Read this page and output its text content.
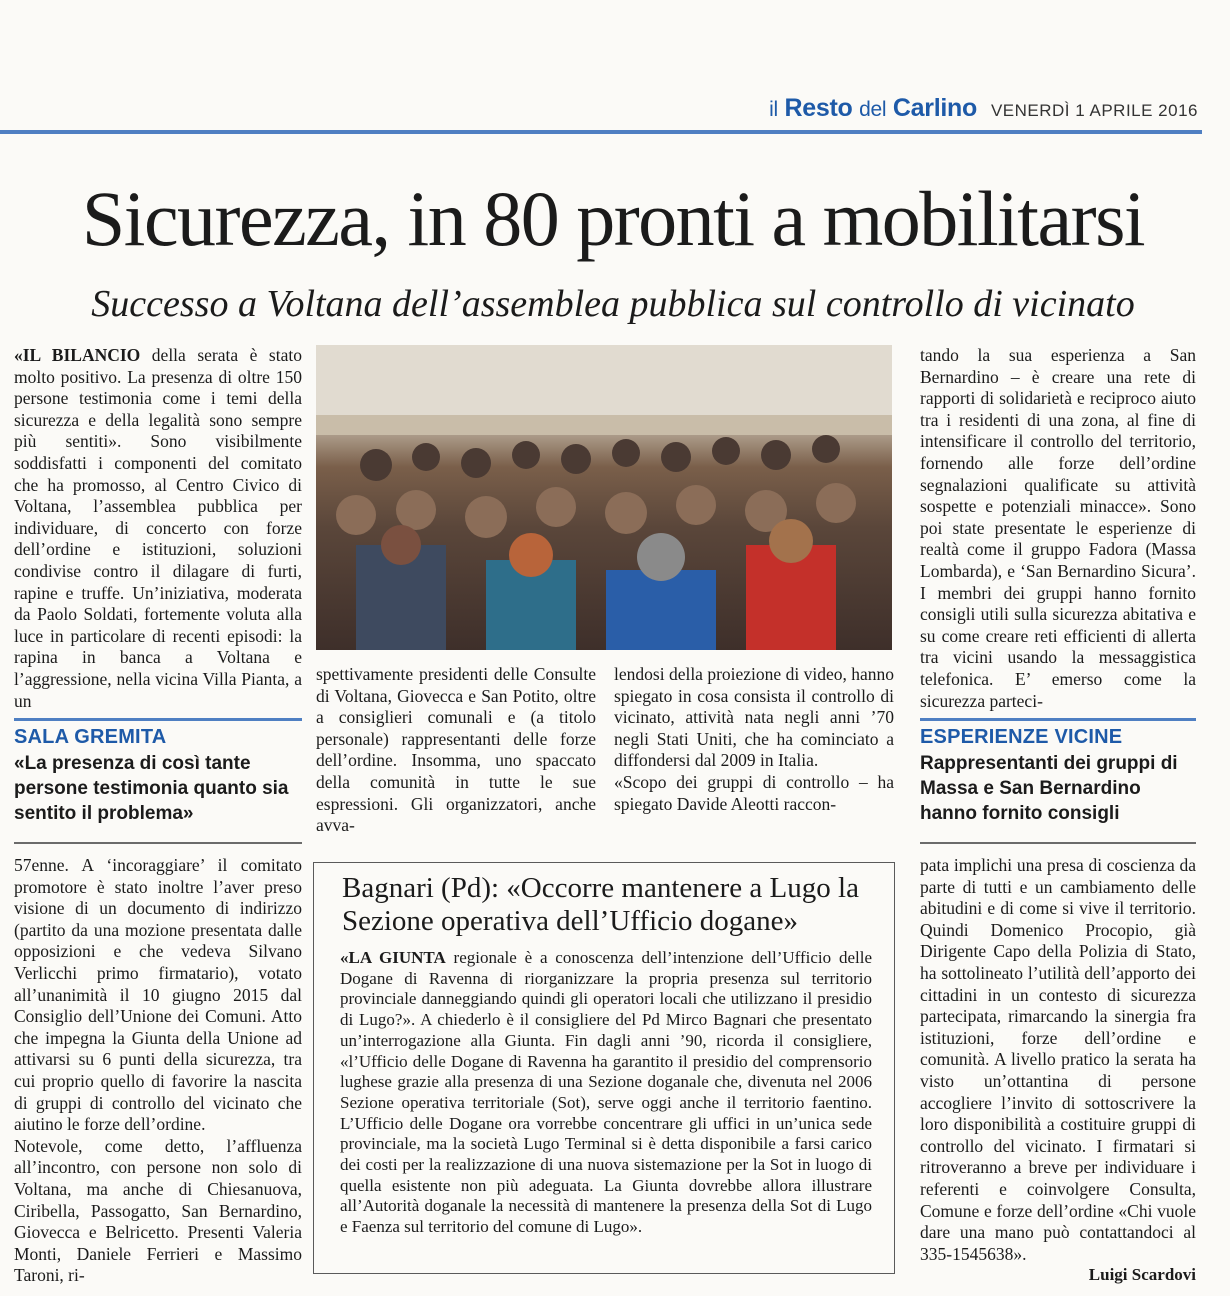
il Resto del Carlino VENERDÌ 1 APRILE 2016
Sicurezza, in 80 pronti a mobilitarsi
Successo a Voltana dell’assemblea pubblica sul controllo di vicinato

«IL BILANCIO della serata è stato molto positivo. La presenza di oltre 150 persone testimonia come i temi della sicurezza e della legalità sono sempre più sentiti». Sono visibilmente soddisfatti i componenti del comitato che ha promosso, al Centro Civico di Voltana, l’assemblea pubblica per individuare, di concerto con forze dell’ordine e istituzioni, soluzioni condivise contro il dilagare di furti, rapine e truffe. Un’iniziativa, moderata da Paolo Soldati, fortemente voluta alla luce in particolare di recenti episodi: la rapina in banca a Voltana e l’aggressione, nella vicina Villa Pianta, a un

spettivamente presidenti delle Consulte di Voltana, Giovecca e San Potito, oltre a consiglieri comunali e (a titolo personale) rappresentanti delle forze dell’ordine. Insomma, uno spaccato della comunità in tutte le sue espressioni. Gli organizzatori, anche avva-

lendosi della proiezione di video, hanno spiegato in cosa consista il controllo di vicinato, attività nata negli anni ’70 negli Stati Uniti, che ha cominciato a diffondersi dal 2009 in Italia.

«Scopo dei gruppi di controllo – ha spiegato Davide Aleotti raccon-

tando la sua esperienza a San Bernardino – è creare una rete di rapporti di solidarietà e reciproco aiuto tra i residenti di una zona, al fine di intensificare il controllo del territorio, fornendo alle forze dell’ordine segnalazioni qualificate su attività sospette e potenziali minacce». Sono poi state presentate le esperienze di realtà come il gruppo Fadora (Massa Lombarda), e ‘San Bernardino Sicura’. I membri dei gruppi hanno fornito consigli utili sulla sicurezza abitativa e su come creare reti efficienti di allerta tra vicini usando la messaggistica telefonica. E’ emerso come la sicurezza parteci-

SALA GREMITA
«La presenza di così tante persone testimonia quanto sia sentito il problema»
ESPERIENZE VICINE
Rappresentanti dei gruppi di Massa e San Bernardino hanno fornito consigli

57enne. A ‘incoraggiare’ il comitato promotore è stato inoltre l’aver preso visione di un documento di indirizzo (partito da una mozione presentata dalle opposizioni e che vedeva Silvano Verlicchi primo firmatario), votato all’unanimità il 10 giugno 2015 dal Consiglio dell’Unione dei Comuni. Atto che impegna la Giunta della Unione ad attivarsi su 6 punti della sicurezza, tra cui proprio quello di favorire la nascita di gruppi di controllo del vicinato che aiutino le forze dell’ordine.

Notevole, come detto, l’affluenza all’incontro, con persone non solo di Voltana, ma anche di Chiesanuova, Ciribella, Passogatto, San Bernardino, Giovecca e Belricetto. Presenti Valeria Monti, Daniele Ferrieri e Massimo Taroni, ri-

Bagnari (Pd): «Occorre mantenere a Lugo la Sezione operativa dell’Ufficio dogane»
«LA GIUNTA regionale è a conoscenza dell’intenzione dell’Ufficio delle Dogane di Ravenna di riorganizzare la propria presenza sul territorio provinciale danneggiando quindi gli operatori locali che utilizzano il presidio di Lugo?». A chiederlo è il consigliere del Pd Mirco Bagnari che presentato un’interrogazione alla Giunta. Fin dagli anni ’90, ricorda il consigliere, «l’Ufficio delle Dogane di Ravenna ha garantito il presidio del comprensorio lughese grazie alla presenza di una Sezione doganale che, divenuta nel 2006 Sezione operativa territoriale (Sot), serve oggi anche il territorio faentino. L’Ufficio delle Dogane ora vorrebbe concentrare gli uffici in un’unica sede provinciale, ma la società Lugo Terminal si è detta disponibile a farsi carico dei costi per la realizzazione di una nuova sistemazione per la Sot in luogo di quella esistente non più adeguata. La Giunta dovrebbe allora illustrare all’Autorità doganale la necessità di mantenere la presenza della Sot di Lugo e Faenza sul territorio del comune di Lugo».

pata implichi una presa di coscienza da parte di tutti e un cambiamento delle abitudini e di come si vive il territorio. Quindi Domenico Procopio, già Dirigente Capo della Polizia di Stato, ha sottolineato l’utilità dell’apporto dei cittadini in un contesto di sicurezza partecipata, rimarcando la sinergia fra istituzioni, forze dell’ordine e comunità. A livello pratico la serata ha visto un’ottantina di persone accogliere l’invito di sottoscrivere la loro disponibilità a costituire gruppi di controllo del vicinato. I firmatari si ritroveranno a breve per individuare i referenti e coinvolgere Consulta, Comune e forze dell’ordine «Chi vuole dare una mano può contattandoci al 335-1545638».

Luigi Scardovi
